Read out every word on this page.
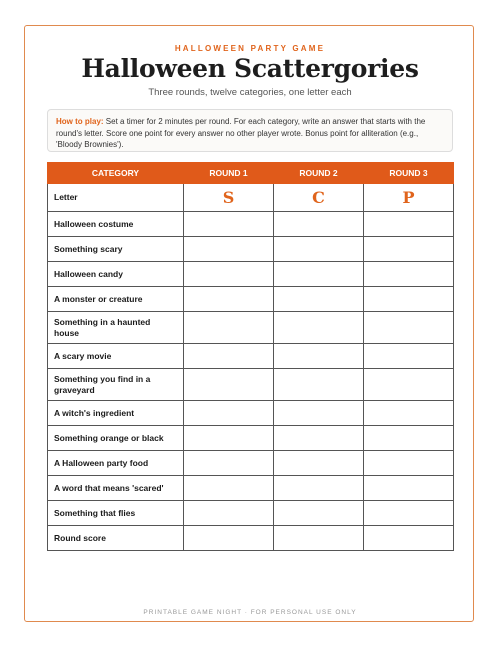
HALLOWEEN PARTY GAME
Halloween Scattergories
Three rounds, twelve categories, one letter each
How to play: Set a timer for 2 minutes per round. For each category, write an answer that starts with the round's letter. Score one point for every answer no other player wrote. Bonus point for alliteration (e.g., 'Bloody Brownies').
CATEGORY	ROUND 1	ROUND 2	ROUND 3
Letter	S	C	P
Halloween costume			
Something scary			
Halloween candy			
A monster or creature			
Something in a haunted house			
A scary movie			
Something you find in a graveyard			
A witch's ingredient			
Something orange or black			
A Halloween party food			
A word that means 'scared'			
Something that flies			
Round score			
PRINTABLE GAME NIGHT · FOR PERSONAL USE ONLY
